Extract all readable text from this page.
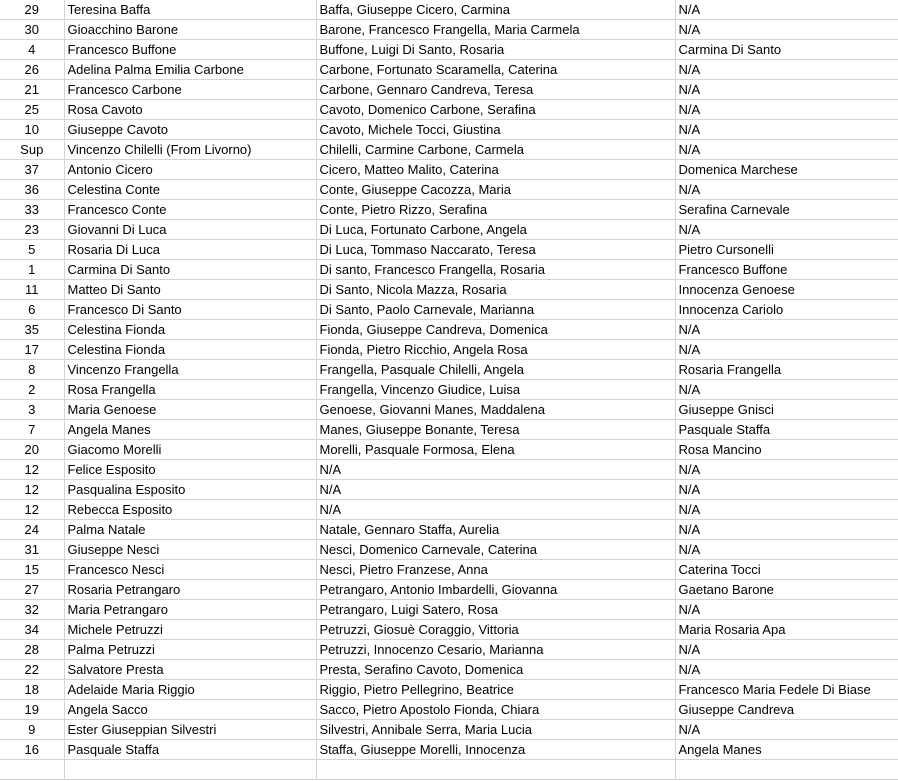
29	Teresina Baffa	Baffa, Giuseppe Cicero, Carmina	N/A
30	Gioacchino Barone	Barone, Francesco Frangella, Maria Carmela	N/A
4	Francesco Buffone	Buffone, Luigi Di Santo, Rosaria	Carmina Di Santo
26	Adelina Palma Emilia Carbone	Carbone, Fortunato Scaramella, Caterina	N/A
21	Francesco Carbone	Carbone, Gennaro Candreva, Teresa	N/A
25	Rosa Cavoto	Cavoto, Domenico Carbone, Serafina	N/A
10	Giuseppe Cavoto	Cavoto, Michele Tocci, Giustina	N/A
Sup	Vincenzo Chilelli (From Livorno)	Chilelli, Carmine Carbone, Carmela	N/A
37	Antonio Cicero	Cicero, Matteo Malito, Caterina	Domenica Marchese
36	Celestina Conte	Conte, Giuseppe Cacozza, Maria	N/A
33	Francesco Conte	Conte, Pietro Rizzo, Serafina	Serafina Carnevale
23	Giovanni Di Luca	Di Luca, Fortunato Carbone, Angela	N/A
5	Rosaria Di Luca	Di Luca, Tommaso Naccarato, Teresa	Pietro Cursonelli
1	Carmina Di Santo	Di santo, Francesco Frangella, Rosaria	Francesco Buffone
11	Matteo Di Santo	Di Santo, Nicola Mazza, Rosaria	Innocenza Genoese
6	Francesco Di Santo	Di Santo, Paolo Carnevale, Marianna	Innocenza Cariolo
35	Celestina Fionda	Fionda, Giuseppe Candreva, Domenica	N/A
17	Celestina Fionda	Fionda, Pietro Ricchio, Angela Rosa	N/A
8	Vincenzo Frangella	Frangella, Pasquale Chilelli, Angela	Rosaria Frangella
2	Rosa Frangella	Frangella, Vincenzo Giudice, Luisa	N/A
3	Maria Genoese	Genoese, Giovanni Manes, Maddalena	Giuseppe Gnisci
7	Angela Manes	Manes, Giuseppe Bonante, Teresa	Pasquale Staffa
20	Giacomo Morelli	Morelli, Pasquale Formosa, Elena	Rosa Mancino
12	Felice Esposito	N/A	N/A
12	Pasqualina Esposito	N/A	N/A
12	Rebecca Esposito	N/A	N/A
24	Palma Natale	Natale, Gennaro Staffa, Aurelia	N/A
31	Giuseppe Nesci	Nesci, Domenico Carnevale, Caterina	N/A
15	Francesco Nesci	Nesci, Pietro Franzese, Anna	Caterina Tocci
27	Rosaria Petrangaro	Petrangaro, Antonio Imbardelli, Giovanna	Gaetano Barone
32	Maria Petrangaro	Petrangaro, Luigi Satero, Rosa	N/A
34	Michele Petruzzi	Petruzzi, Giosuè Coraggio, Vittoria	Maria Rosaria Apa
28	Palma Petruzzi	Petruzzi, Innocenzo Cesario, Marianna	N/A
22	Salvatore Presta	Presta, Serafino Cavoto, Domenica	N/A
18	Adelaide Maria Riggio	Riggio, Pietro Pellegrino, Beatrice	Francesco Maria Fedele Di Biase
19	Angela Sacco	Sacco, Pietro Apostolo Fionda, Chiara	Giuseppe Candreva
9	Ester Giuseppian Silvestri	Silvestri, Annibale Serra, Maria Lucia	N/A
16	Pasquale Staffa	Staffa, Giuseppe Morelli, Innocenza	Angela Manes
